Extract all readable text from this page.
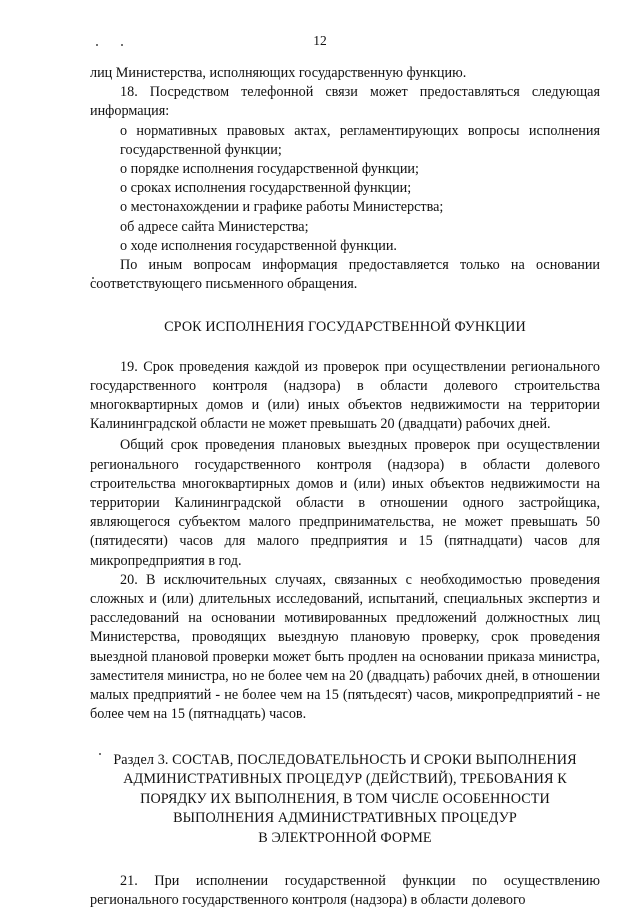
12

лиц Министерства, исполняющих государственную функцию.

18. Посредством телефонной связи может предоставляться следующая информация:

о нормативных правовых актах, регламентирующих вопросы исполнения государственной функции;

о порядке исполнения государственной функции;

о сроках исполнения государственной функции;

о местонахождении и графике работы Министерства;

об адресе сайта Министерства;

о ходе исполнения государственной функции.

По иным вопросам информация предоставляется только на основании соответствующего письменного обращения.

СРОК ИСПОЛНЕНИЯ ГОСУДАРСТВЕННОЙ ФУНКЦИИ

19. Срок проведения каждой из проверок при осуществлении регионального государственного контроля (надзора) в области долевого строительства многоквартирных домов и (или) иных объектов недвижимости на территории Калининградской области не может превышать 20 (двадцати) рабочих дней.

Общий срок проведения плановых выездных проверок при осуществлении регионального государственного контроля (надзора) в области долевого строительства многоквартирных домов и (или) иных объектов недвижимости на территории Калининградской области в отношении одного застройщика, являющегося субъектом малого предпринимательства, не может превышать 50 (пятидесяти) часов для малого предприятия и 15 (пятнадцати) часов для микропредприятия в год.

20. В исключительных случаях, связанных с необходимостью проведения сложных и (или) длительных исследований, испытаний, специальных экспертиз и расследований на основании мотивированных предложений должностных лиц Министерства, проводящих выездную плановую проверку, срок проведения выездной плановой проверки может быть продлен на основании приказа министра, заместителя министра, но не более чем на 20 (двадцать) рабочих дней, в отношении малых предприятий - не более чем на 15 (пятьдесят) часов, микропредприятий - не более чем на 15 (пятнадцать) часов.

Раздел 3. СОСТАВ, ПОСЛЕДОВАТЕЛЬНОСТЬ И СРОКИ ВЫПОЛНЕНИЯ

АДМИНИСТРАТИВНЫХ ПРОЦЕДУР (ДЕЙСТВИЙ), ТРЕБОВАНИЯ К

ПОРЯДКУ ИХ ВЫПОЛНЕНИЯ, В ТОМ ЧИСЛЕ ОСОБЕННОСТИ

ВЫПОЛНЕНИЯ АДМИНИСТРАТИВНЫХ ПРОЦЕДУР

В ЭЛЕКТРОННОЙ ФОРМЕ

21. При исполнении государственной функции по осуществлению регионального государственного контроля (надзора) в области долевого
